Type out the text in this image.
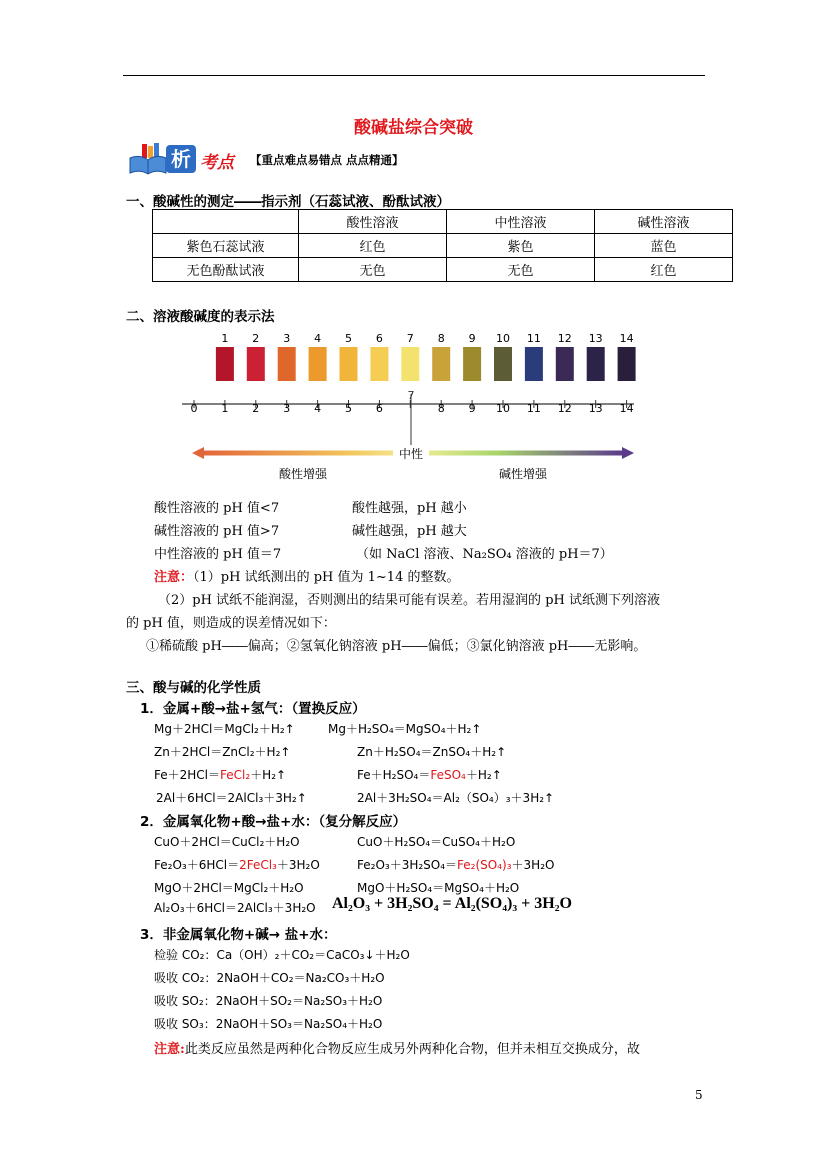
酸碱盐综合突破
析 考点 【重点难点易错点 点点精通】
一、酸碱性的测定――指示剂（石蕊试液、酚酞试液）
	酸性溶液	中性溶液	碱性溶液
紫色石蕊试液	红色	紫色	蓝色
无色酚酞试液	无色	无色	红色
二、溶液酸碱度的表示法
1 2 3 4 5 6 7 8 9 10 11 12 13 14
0 1 2 3 4 5 6	8 9 10 11 12 13 14
7
中性
酸性增强	碱性增强
酸性溶液的 pH 值<7	酸性越强，pH 越小
碱性溶液的 pH 值>7	碱性越强，pH 越大
中性溶液的 pH 值＝7	（如 NaCl 溶液、Na₂SO₄ 溶液的 pH＝7）
注意：（1）pH 试纸测出的 pH 值为 1~14 的整数。
（2）pH 试纸不能润湿，否则测出的结果可能有误差。若用湿润的 pH 试纸测下列溶液
的 pH 值，则造成的误差情况如下：
①稀硫酸 pH――偏高；②氢氧化钠溶液 pH――偏低；③氯化钠溶液 pH――无影响。
三、酸与碱的化学性质
1．金属+酸→盐+氢气：（置换反应）
Mg＋2HCl＝MgCl₂＋H₂↑	Mg＋H₂SO₄＝MgSO₄＋H₂↑
Zn＋2HCl＝ZnCl₂＋H₂↑	Zn＋H₂SO₄＝ZnSO₄＋H₂↑
Fe＋2HCl＝FeCl₂＋H₂↑	Fe＋H₂SO₄＝FeSO₄＋H₂↑
2Al＋6HCl＝2AlCl₃＋3H₂↑	2Al＋3H₂SO₄＝Al₂（SO₄）₃＋3H₂↑
2．金属氧化物+酸→盐+水：（复分解反应）
CuO＋2HCl＝CuCl₂＋H₂O	CuO＋H₂SO₄＝CuSO₄＋H₂O
Fe₂O₃＋6HCl＝2FeCl₃＋3H₂O	Fe₂O₃＋3H₂SO₄＝Fe₂(SO₄)₃＋3H₂O
MgO＋2HCl＝MgCl₂＋H₂O	MgO＋H₂SO₄＝MgSO₄＋H₂O
Al₂O₃＋6HCl＝2AlCl₃＋3H₂O Al₂O₃ + 3H₂SO₄ = Al₂(SO₄)₃ + 3H₂O
3．非金属氧化物+碱→ 盐+水：
检验 CO₂：Ca（OH）₂＋CO₂＝CaCO₃↓＋H₂O
吸收 CO₂：2NaOH＋CO₂＝Na₂CO₃＋H₂O
吸收 SO₂：2NaOH＋SO₂＝Na₂SO₃＋H₂O
吸收 SO₃：2NaOH＋SO₃＝Na₂SO₄＋H₂O
注意:此类反应虽然是两种化合物反应生成另外两种化合物，但并未相互交换成分，故
5
